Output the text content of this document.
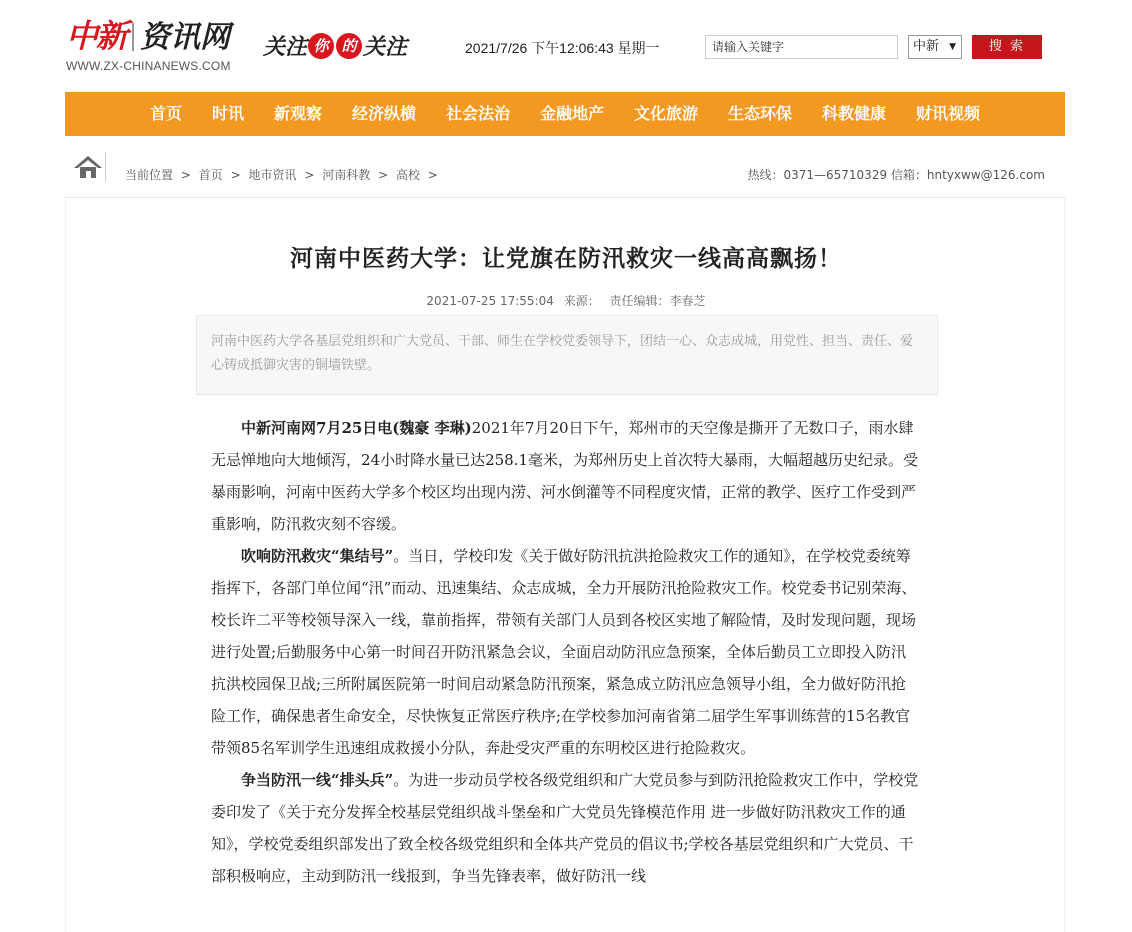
中新 资讯网
WWW.ZX-CHINANEWS.COM
关注 你 的 关注	2021/7/26 下午12:06:43 星期一	请输入关键字	中新 ▼	搜 索
首页	时讯	新观察	经济纵横	社会法治	金融地产	文化旅游	生态环保	科教健康	财讯视频
当前位置 > 首页 > 地市资讯 > 河南科教 > 高校 >	热线：0371—65710329 信箱：hntyxww@126.com
河南中医药大学：让党旗在防汛救灾一线高高飘扬！
2021-07-25 17:55:04 来源： 责任编辑：李春芝
河南中医药大学各基层党组织和广大党员、干部、师生在学校党委领导下，团结一心、众志成城，用党性、担当、责任、爱心铸成抵御灾害的铜墙铁壁。

中新河南网7月25日电(魏豪 李琳)2021年7月20日下午，郑州市的天空像是撕开了无数口子，雨水肆无忌惮地向大地倾泻，24小时降水量已达258.1毫米，为郑州历史上首次特大暴雨，大幅超越历史纪录。受暴雨影响，河南中医药大学多个校区均出现内涝、河水倒灌等不同程度灾情，正常的教学、医疗工作受到严重影响，防汛救灾刻不容缓。

吹响防汛救灾“集结号”。当日，学校印发《关于做好防汛抗洪抢险救灾工作的通知》，在学校党委统筹指挥下，各部门单位闻“汛”而动、迅速集结、众志成城，全力开展防汛抢险救灾工作。校党委书记别荣海、校长许二平等校领导深入一线，靠前指挥，带领有关部门人员到各校区实地了解险情，及时发现问题，现场进行处置;后勤服务中心第一时间召开防汛紧急会议，全面启动防汛应急预案，全体后勤员工立即投入防汛抗洪校园保卫战;三所附属医院第一时间启动紧急防汛预案，紧急成立防汛应急领导小组，全力做好防汛抢险工作，确保患者生命安全，尽快恢复正常医疗秩序;在学校参加河南省第二届学生军事训练营的15名教官带领85名军训学生迅速组成救援小分队，奔赴受灾严重的东明校区进行抢险救灾。

争当防汛一线“排头兵”。为进一步动员学校各级党组织和广大党员参与到防汛抢险救灾工作中，学校党委印发了《关于充分发挥全校基层党组织战斗堡垒和广大党员先锋模范作用 进一步做好防汛救灾工作的通知》，学校党委组织部发出了致全校各级党组织和全体共产党员的倡议书;学校各基层党组织和广大党员、干部积极响应，主动到防汛一线报到，争当先锋表率，做好防汛一线
